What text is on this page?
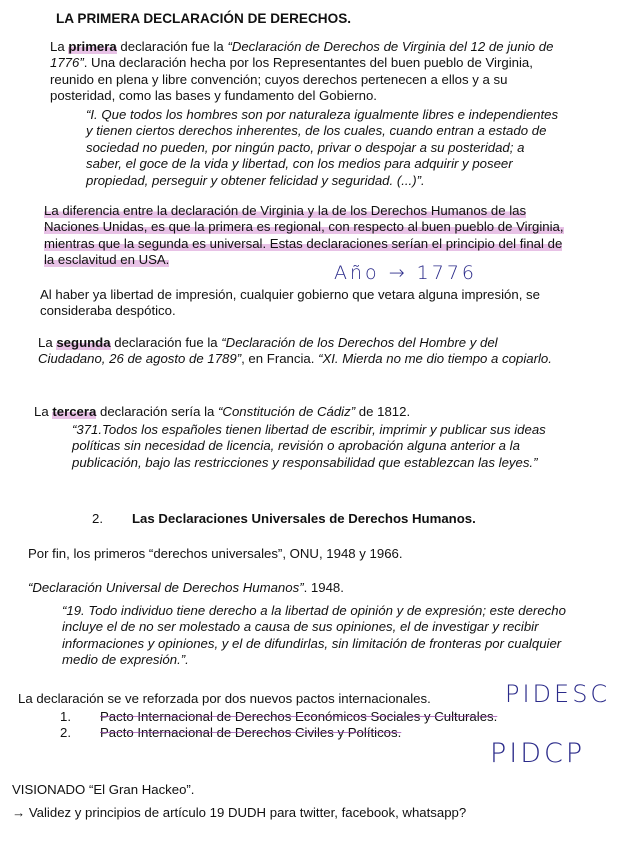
LA PRIMERA DECLARACIÓN DE DERECHOS.
La primera declaración fue la “Declaración de Derechos de Virginia del 12 de junio de 1776”. Una declaración hecha por los Representantes del buen pueblo de Virginia, reunido en plena y libre convención; cuyos derechos pertenecen a ellos y a su posteridad, como las bases y fundamento del Gobierno.
“I. Que todos los hombres son por naturaleza igualmente libres e independientes y tienen ciertos derechos inherentes, de los cuales, cuando entran a estado de sociedad no pueden, por ningún pacto, privar o despojar a su posteridad; a saber, el goce de la vida y libertad, con los medios para adquirir y poseer propiedad, perseguir y obtener felicidad y seguridad. (...)”.
La diferencia entre la declaración de Virginia y la de los Derechos Humanos de las Naciones Unidas, es que la primera es regional, con respecto al buen pueblo de Virginia, mientras que la segunda es universal. Estas declaraciones serían el principio del final de la esclavitud en USA.
Año → 1776
Al haber ya libertad de impresión, cualquier gobierno que vetara alguna impresión, se consideraba despótico.
La segunda declaración fue la “Declaración de los Derechos del Hombre y del Ciudadano, 26 de agosto de 1789”, en Francia. “XI. Mierda no me dio tiempo a copiarlo.
La tercera declaración sería la “Constitución de Cádiz” de 1812.
“371.Todos los españoles tienen libertad de escribir, imprimir y publicar sus ideas políticas sin necesidad de licencia, revisión o aprobación alguna anterior a la publicación, bajo las restricciones y responsabilidad que establezcan las leyes.”
2.	Las Declaraciones Universales de Derechos Humanos.
Por fin, los primeros “derechos universales”, ONU, 1948 y 1966.
“Declaración Universal de Derechos Humanos”. 1948.
“19. Todo individuo tiene derecho a la libertad de opinión y de expresión; este derecho incluye el de no ser molestado a causa de sus opiniones, el de investigar y recibir informaciones y opiniones, y el de difundirlas, sin limitación de fronteras por cualquier medio de expresión.”.
La declaración se ve reforzada por dos nuevos pactos internacionales.	PIDESC
1.	Pacto Internacional de Derechos Económicos Sociales y Culturales.
2.	Pacto Internacional de Derechos Civiles y Políticos.
PIDCP
VISIONADO “El Gran Hackeo”.
→ Validez y principios de artículo 19 DUDH para twitter, facebook, whatsapp?
